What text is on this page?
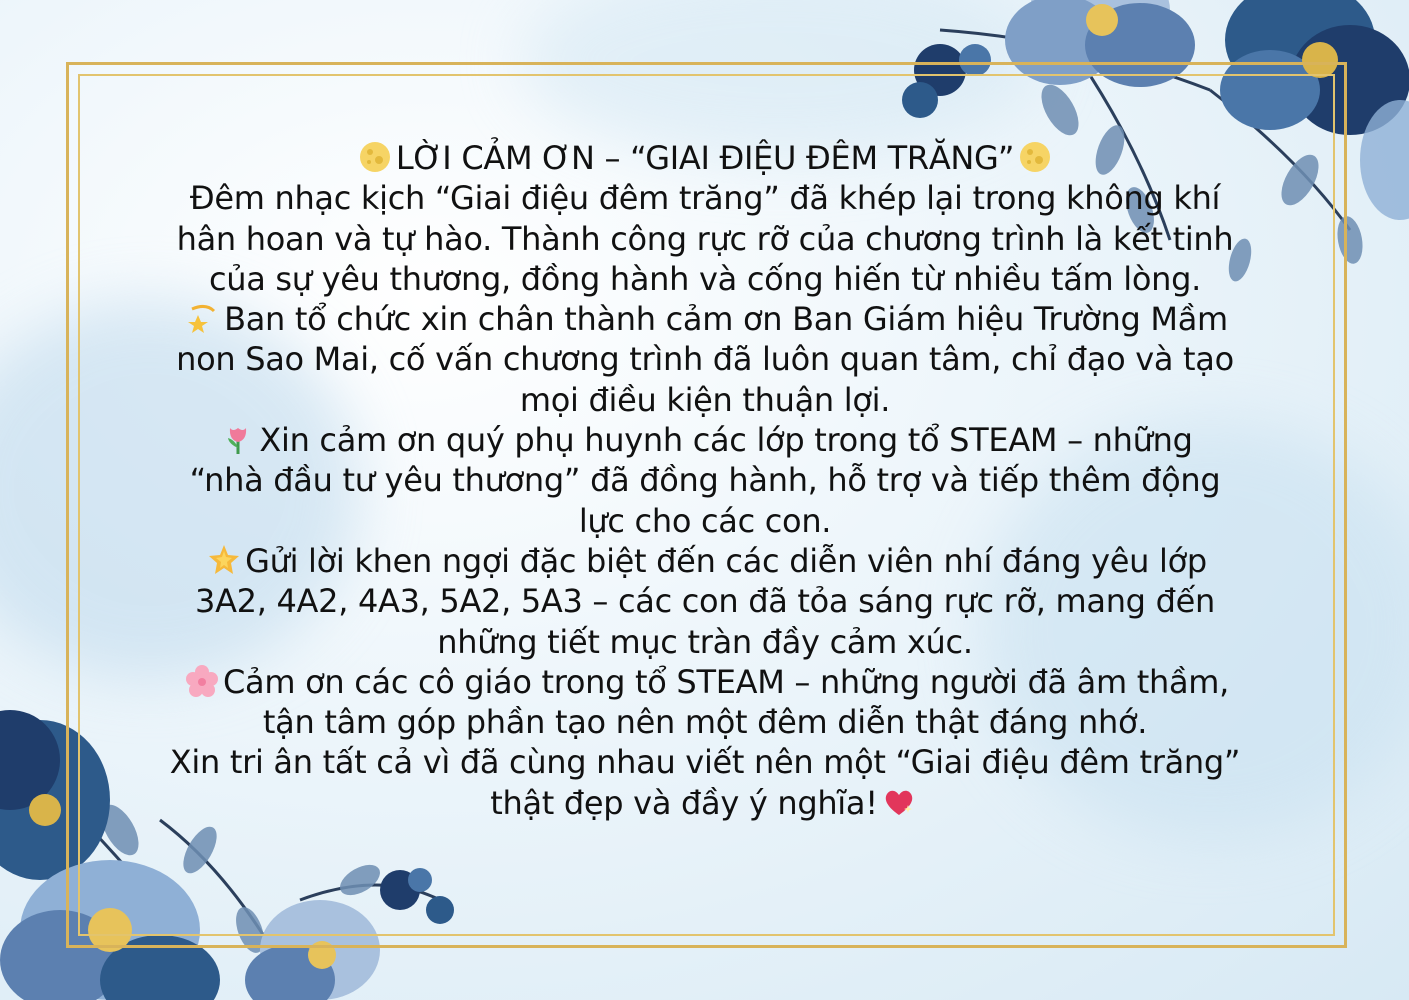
LỜI CẢM ƠN – “GIAI ĐIỆU ĐÊM TRĂNG”

Đêm nhạc kịch “Giai điệu đêm trăng” đã khép lại trong không khí

hân hoan và tự hào. Thành công rực rỡ của chương trình là kết tinh

của sự yêu thương, đồng hành và cống hiến từ nhiều tấm lòng.

Ban tổ chức xin chân thành cảm ơn Ban Giám hiệu Trường Mầm

non Sao Mai, cố vấn chương trình đã luôn quan tâm, chỉ đạo và tạo

mọi điều kiện thuận lợi.

Xin cảm ơn quý phụ huynh các lớp trong tổ STEAM – những

“nhà đầu tư yêu thương” đã đồng hành, hỗ trợ và tiếp thêm động

lực cho các con.

Gửi lời khen ngợi đặc biệt đến các diễn viên nhí đáng yêu lớp

3A2, 4A2, 4A3, 5A2, 5A3 – các con đã tỏa sáng rực rỡ, mang đến

những tiết mục tràn đầy cảm xúc.

Cảm ơn các cô giáo trong tổ STEAM – những người đã âm thầm,

tận tâm góp phần tạo nên một đêm diễn thật đáng nhớ.

Xin tri ân tất cả vì đã cùng nhau viết nên một “Giai điệu đêm trăng”

thật đẹp và đầy ý nghĩa!
